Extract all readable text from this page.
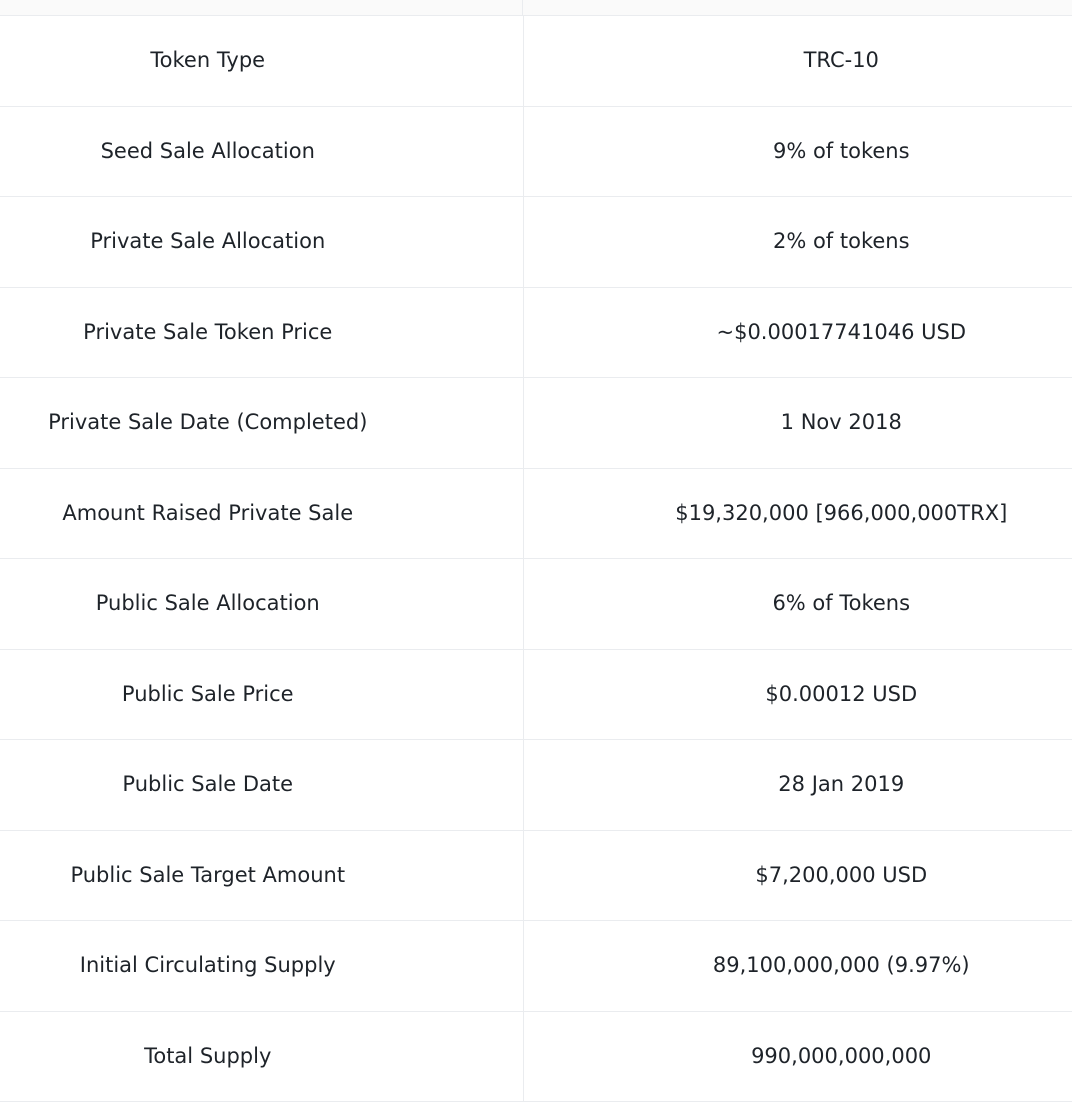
Token Type	TRC-10
Seed Sale Allocation	9% of tokens
Private Sale Allocation	2% of tokens
Private Sale Token Price	~$0.00017741046 USD
Private Sale Date (Completed)	1 Nov 2018
Amount Raised Private Sale	$19,320,000 [966,000,000TRX]
Public Sale Allocation	6% of Tokens
Public Sale Price	$0.00012 USD
Public Sale Date	28 Jan 2019
Public Sale Target Amount	$7,200,000 USD
Initial Circulating Supply	89,100,000,000 (9.97%)
Total Supply	990,000,000,000
